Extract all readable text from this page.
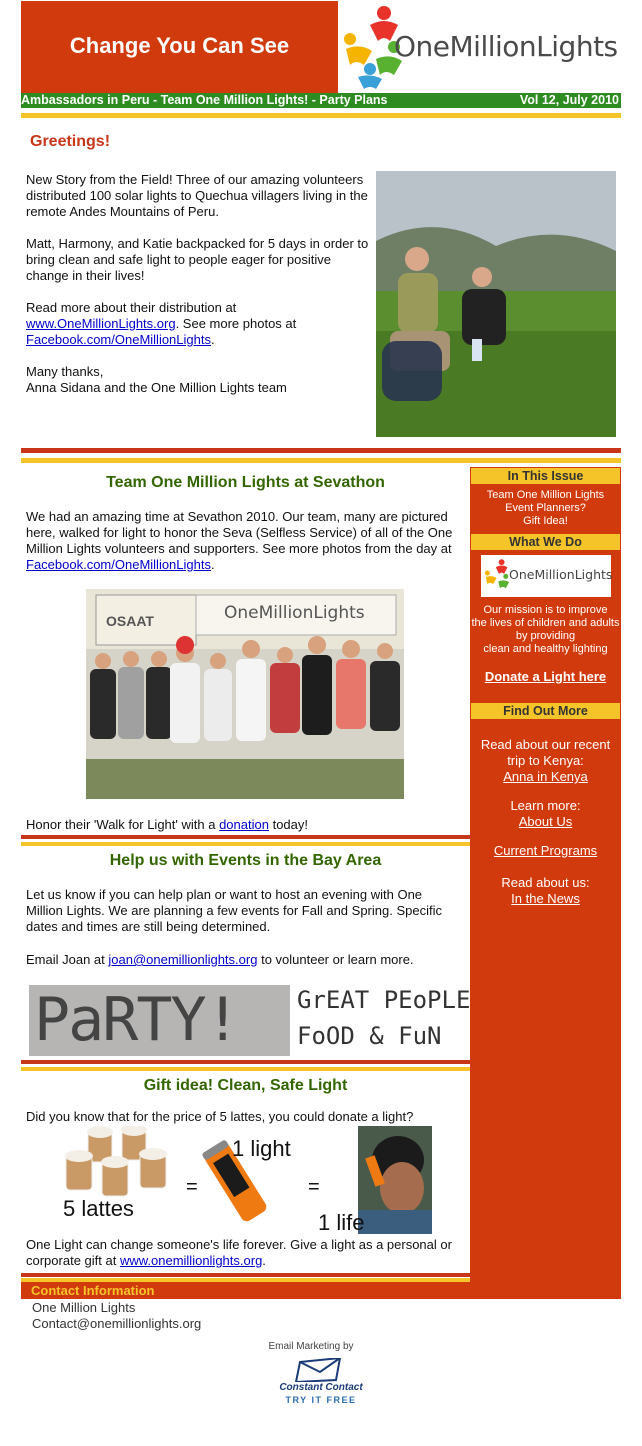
Change You Can See	OneMillionLights
Ambassadors in Peru - Team One Million Lights! - Party Plans	Vol 12, July 2010
Greetings!
New Story from the Field! Three of our amazing volunteers distributed 100 solar lights to Quechua villagers living in the remote Andes Mountains of Peru.
Matt, Harmony, and Katie backpacked for 5 days in order to bring clean and safe light to people eager for positive change in their lives!
Read more about their distribution at
www.OneMillionLights.org. See more photos at
Facebook.com/OneMillionLights.
Many thanks,
Anna Sidana and the One Million Lights team
In This Issue
Team One Million Lights
Event Planners?
Gift Idea!
What We Do
OneMillionLights
Our mission is to improve
the lives of children and adults
by providing
clean and healthy lighting
Donate a Light here
Find Out More
Read about our recent
trip to Kenya:
Anna in Kenya
Learn more:
About Us
Current Programs
Read about us:
In the News
Team One Million Lights at Sevathon
We had an amazing time at Sevathon 2010. Our team, many are pictured here, walked for light to honor the Seva (Selfless Service) of all of the One Million Lights volunteers and supporters. See more photos from the day at Facebook.com/OneMillionLights.
OSAAT	OneMillionLights
Honor their 'Walk for Light' with a donation today!
Help us with Events in the Bay Area
Let us know if you can help plan or want to host an evening with One Million Lights. We are planning a few events for Fall and Spring. Specific dates and times are still being determined.
Email Joan at joan@onemillionlights.org to volunteer or learn more.
PaRTY! GrEAT PEoPLE
FoOD & FuN
Gift idea! Clean, Safe Light
Did you know that for the price of 5 lattes, you could donate a light?
5 lattes
=
1 light
=
1 life
One Light can change someone's life forever. Give a light as a personal or corporate gift at www.onemillionlights.org.
Contact Information
One Million Lights
Contact@onemillionlights.org
Email Marketing by
Constant Contact
TRY IT FREE
